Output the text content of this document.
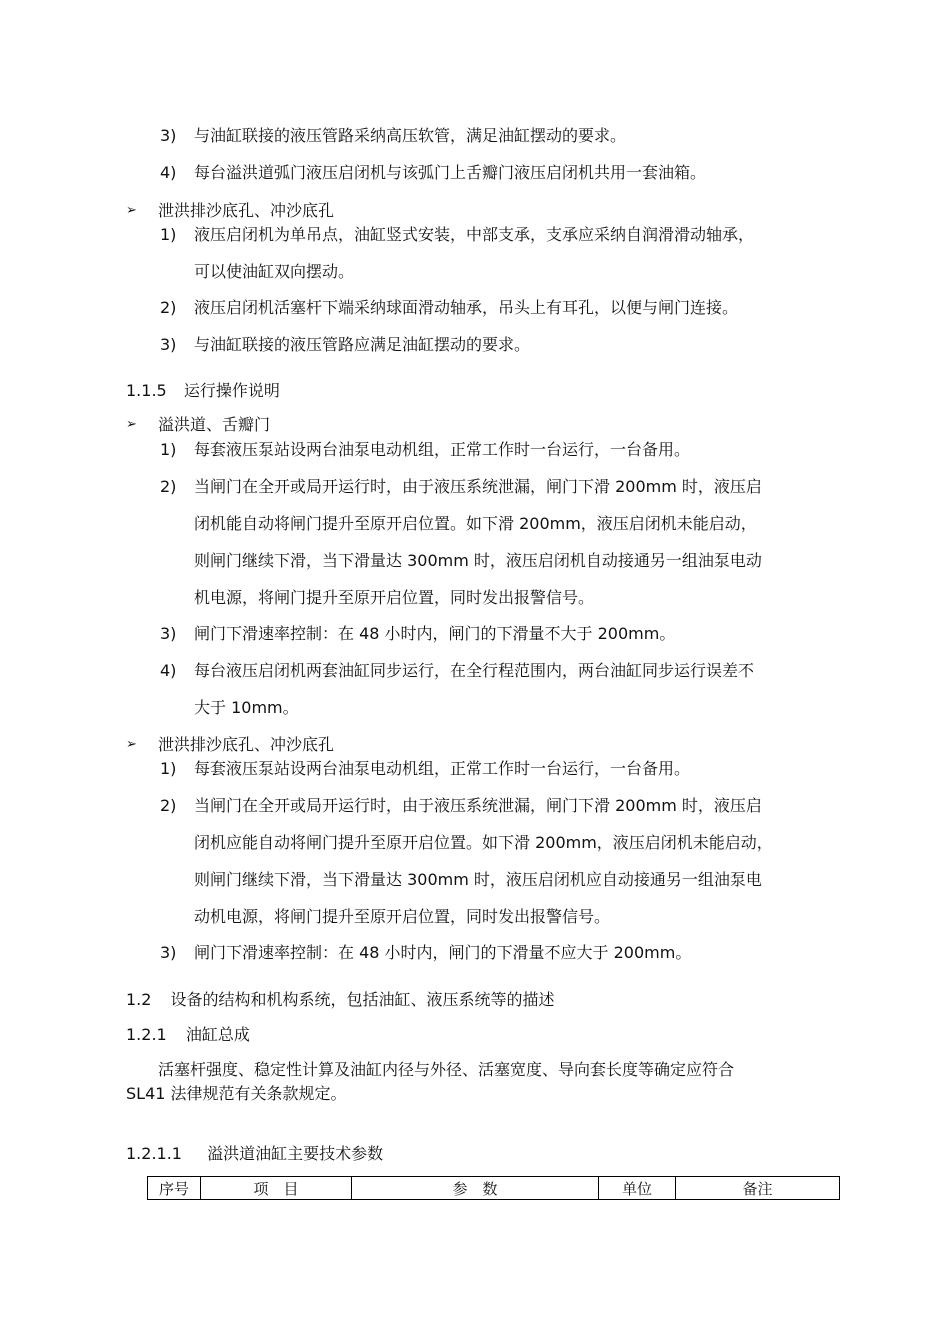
3) 与油缸联接的液压管路采纳高压软管，满足油缸摆动的要求。
4) 每台溢洪道弧门液压启闭机与该弧门上舌瓣门液压启闭机共用一套油箱。
➢ 泄洪排沙底孔、冲沙底孔
1) 液压启闭机为单吊点，油缸竖式安装，中部支承，支承应采纳自润滑滑动轴承，
可以使油缸双向摆动。
2) 液压启闭机活塞杆下端采纳球面滑动轴承，吊头上有耳孔，以便与闸门连接。
3) 与油缸联接的液压管路应满足油缸摆动的要求。
1.1.5 运行操作说明
➢ 溢洪道、舌瓣门
1) 每套液压泵站设两台油泵电动机组，正常工作时一台运行，一台备用。
2) 当闸门在全开或局开运行时，由于液压系统泄漏，闸门下滑 200mm 时，液压启
闭机能自动将闸门提升至原开启位置。如下滑 200mm，液压启闭机未能启动，
则闸门继续下滑，当下滑量达 300mm 时，液压启闭机自动接通另一组油泵电动
机电源，将闸门提升至原开启位置，同时发出报警信号。
3) 闸门下滑速率控制：在 48 小时内，闸门的下滑量不大于 200mm。
4) 每台液压启闭机两套油缸同步运行，在全行程范围内，两台油缸同步运行误差不
大于 10mm。
➢ 泄洪排沙底孔、冲沙底孔
1) 每套液压泵站设两台油泵电动机组，正常工作时一台运行，一台备用。
2) 当闸门在全开或局开运行时，由于液压系统泄漏，闸门下滑 200mm 时，液压启
闭机应能自动将闸门提升至原开启位置。如下滑 200mm，液压启闭机未能启动，
则闸门继续下滑，当下滑量达 300mm 时，液压启闭机应自动接通另一组油泵电
动机电源，将闸门提升至原开启位置，同时发出报警信号。
3) 闸门下滑速率控制：在 48 小时内，闸门的下滑量不应大于 200mm。
1.2 设备的结构和机构系统，包括油缸、液压系统等的描述
1.2.1 油缸总成
活塞杆强度、稳定性计算及油缸内径与外径、活塞宽度、导向套长度等确定应符合
SL41 法律规范有关条款规定。
1.2.1.1 溢洪道油缸主要技术参数
序号	项　目	参　数	单位	备注
